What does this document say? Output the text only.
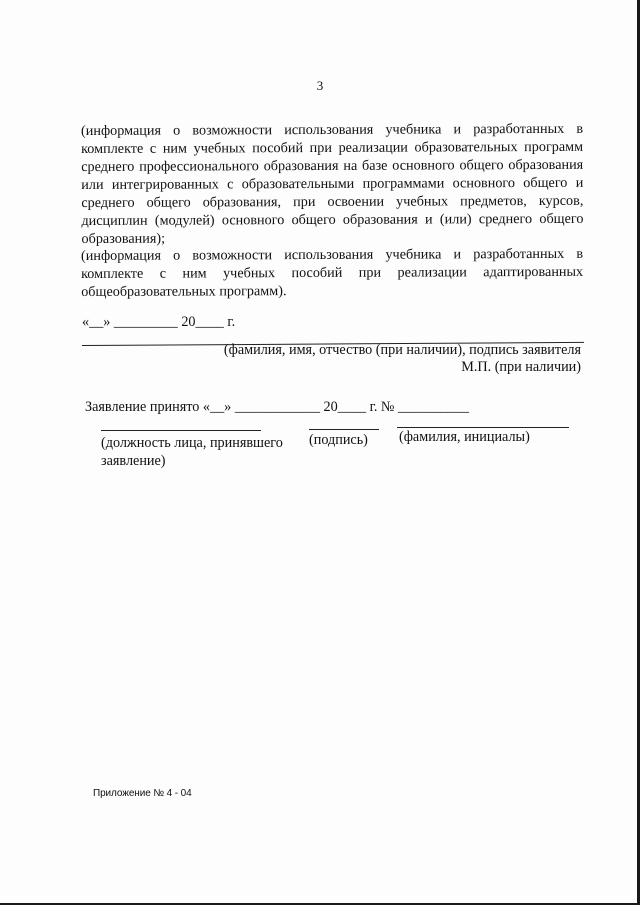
3

(информация о возможности использования учебника и разработанных в комплекте с ним учебных пособий при реализации образовательных программ среднего профессионального образования на базе основного общего образования или интегрированных с образовательными программами основного общего и среднего общего образования, при освоении учебных предметов, курсов, дисциплин (модулей) основного общего образования и (или) среднего общего образования);

(информация о возможности использования учебника и разработанных в комплекте с ним учебных пособий при реализации адаптированных общеобразовательных программ).

«__» _________ 20____ г.
(фамилия, имя, отчество (при наличии), подпись заявителя
М.П. (при наличии)
Заявление принято «__» ____________ 20____ г. № __________
(должность лица, принявшего заявление)
(подпись) (фамилия, инициалы)
Приложение № 4 - 04
